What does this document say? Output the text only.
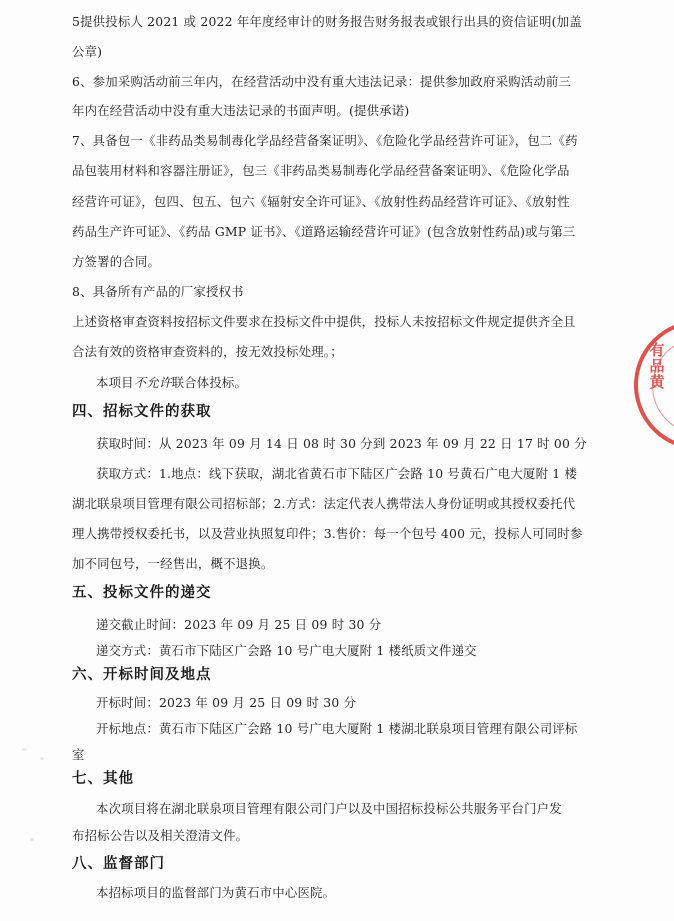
5提供投标人 2021 或 2022 年年度经审计的财务报告财务报表或银行出具的资信证明(加盖
公章)
6、参加采购活动前三年内，在经营活动中没有重大违法记录：提供参加政府采购活动前三
年内在经营活动中没有重大违法记录的书面声明。(提供承诺)
7、具备包一《非药品类易制毒化学品经营备案证明》、《危险化学品经营许可证》，包二《药
品包装用材料和容器注册证》，包三《非药品类易制毒化学品经营备案证明》、《危险化学品
经营许可证》，包四、包五、包六《辐射安全许可证》、《放射性药品经营许可证》、《放射性
药品生产许可证》、《药品 GMP 证书》、《道路运输经营许可证》(包含放射性药品)或与第三
方签署的合同。
8、具备所有产品的厂家授权书
上述资格审查资料按招标文件要求在投标文件中提供，投标人未按招标文件规定提供齐全且
合法有效的资格审查资料的，按无效投标处理。；
本项目不允许联合体投标。
四、招标文件的获取
获取时间：从 2023 年 09 月 14 日 08 时 30 分到 2023 年 09 月 22 日 17 时 00 分
获取方式：1.地点：线下获取，湖北省黄石市下陆区广会路 10 号黄石广电大厦附 1 楼
湖北联泉项目管理有限公司招标部；2.方式：法定代表人携带法人身份证明或其授权委托代
理人携带授权委托书，以及营业执照复印件；3.售价：每一个包号 400 元，投标人可同时参
加不同包号，一经售出，概不退换。
五、投标文件的递交
递交截止时间：2023 年 09 月 25 日 09 时 30 分
递交方式：黄石市下陆区广会路 10 号广电大厦附 1 楼纸质文件递交
六、开标时间及地点
开标时间：2023 年 09 月 25 日 09 时 30 分
开标地点：黄石市下陆区广会路 10 号广电大厦附 1 楼湖北联泉项目管理有限公司评标
室
七、其他
本次项目将在湖北联泉项目管理有限公司门户以及中国招标投标公共服务平台门户发
布招标公告以及相关澄清文件。
八、监督部门
本招标项目的监督部门为黄石市中心医院。
有
品
黄
